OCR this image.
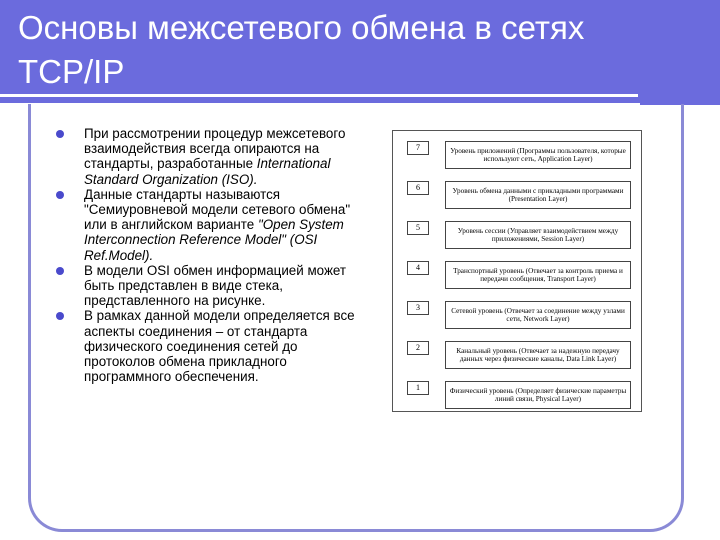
Основы межсетевого обмена в сетях TCP/IP
При рассмотрении процедур межсетевого взаимодействия всегда опираются на стандарты, разработанные International Standard Organization (ISO).
Данные стандарты называются "Семиуровневой модели сетевого обмена" или в английском варианте "Open System Interconnection Reference Model" (OSI Ref.Model).
В модели OSI обмен информацией может быть представлен в виде стека, представленного на рисунке.
В рамках данной модели определяется все аспекты соединения – от стандарта физического соединения сетей до протоколов обмена прикладного программного обеспечения.
7	Уровень приложений (Программы пользователя, которые используют сеть, Application Layer)
6	Уровень обмена данными с прикладными программами (Presentation Layer)
5	Уровень сессии (Управляет взаимодействием между приложениями, Session Layer)
4	Транспортный уровень (Отвечает за контроль приема и передачи сообщения, Transport Layer)
3	Сетевой уровень (Отвечает за соединение между узлами сети, Network Layer)
2	Канальный уровень (Отвечает за надежную передачу данных через физические каналы, Data Link Layer)
1	Физический уровень (Определяет физические параметры линий связи, Physical Layer)
